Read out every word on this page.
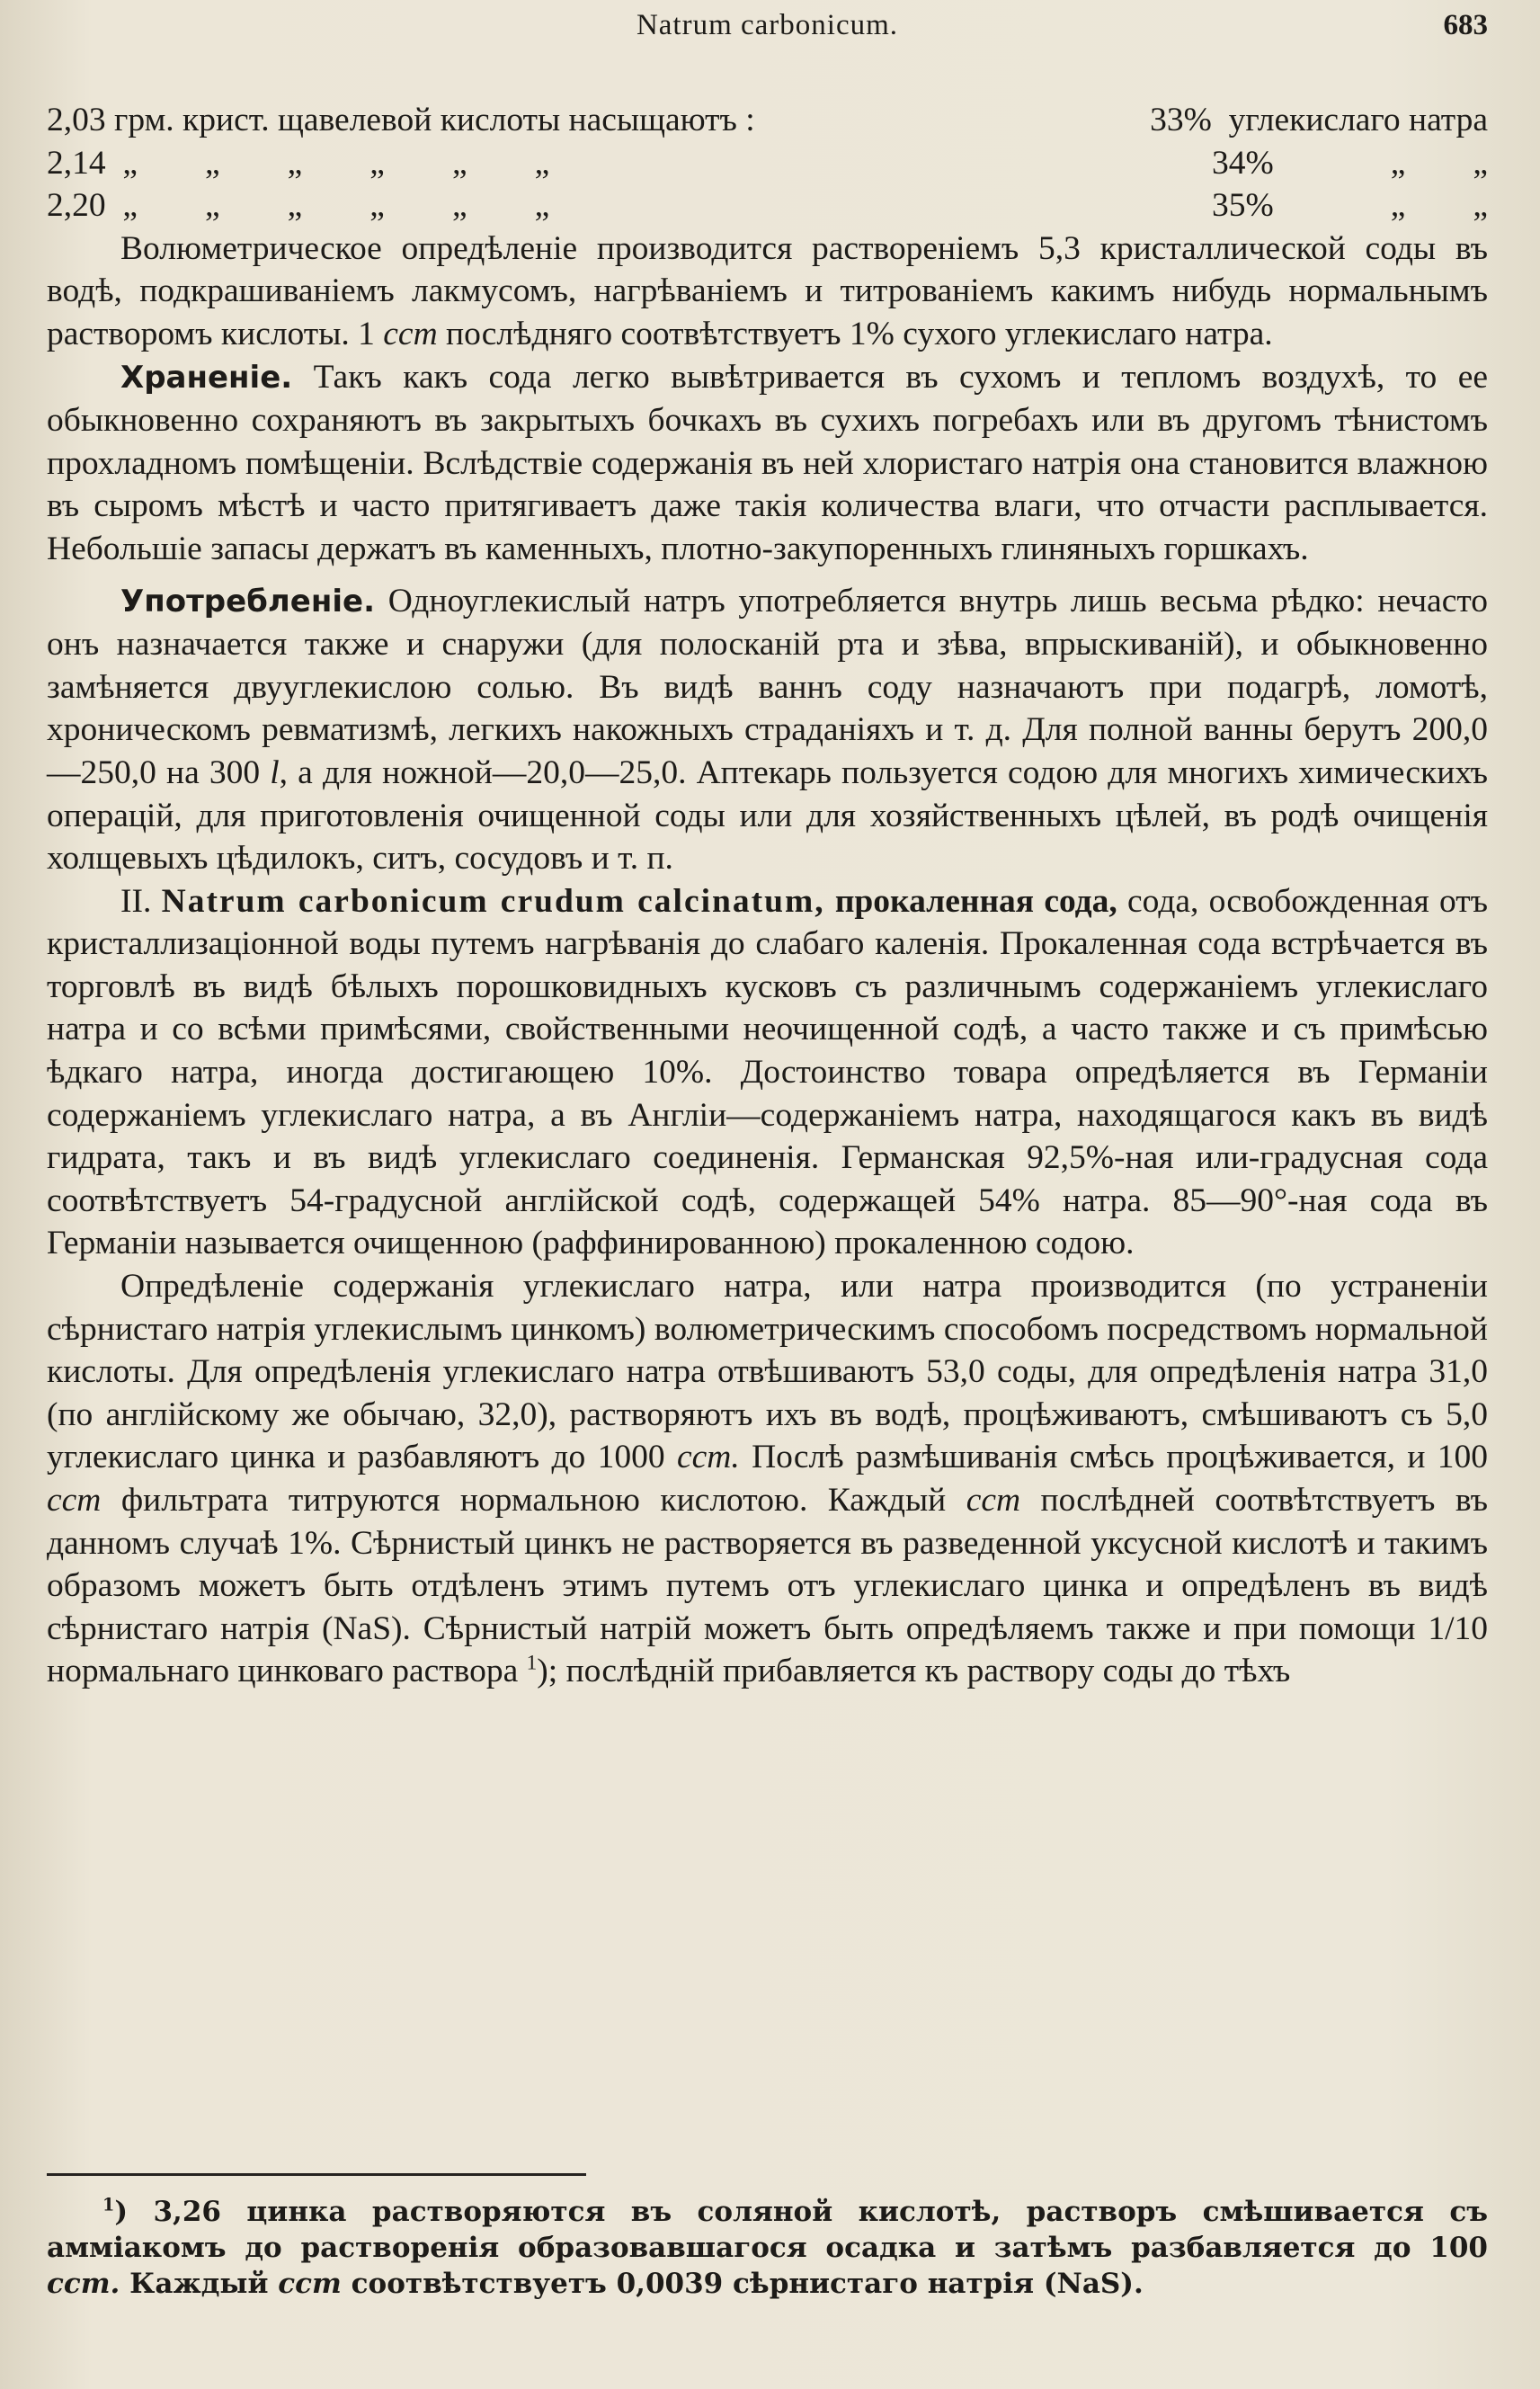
Natrum carbonicum.	683
2,03 грм. крист. щавелевой кислоты насыщаютъ :	33% углекислаго натра
2,14 „        „        „        „        „        „	34%	„        „
2,20 „        „        „        „        „        „	35%	„        „

Волюметрическое опредѣленіе производится раствореніемъ 5,3 кристаллической соды въ водѣ, подкрашиваніемъ лакмусомъ, нагрѣваніемъ и титрованіемъ какимъ нибудь нормальнымъ растворомъ кислоты. 1 ccm послѣдняго соотвѣтствуетъ 1% сухого углекислаго натра.

Храненіе. Такъ какъ сода легко вывѣтривается въ сухомъ и тепломъ воздухѣ, то ее обыкновенно сохраняютъ въ закрытыхъ бочкахъ въ сухихъ погребахъ или въ другомъ тѣнистомъ прохладномъ помѣщеніи. Вслѣдствіе содержанія въ ней хлористаго натрія она становится влажною въ сыромъ мѣстѣ и часто притягиваетъ даже такія количества влаги, что отчасти расплывается. Небольшіе запасы держатъ въ каменныхъ, плотно-закупоренныхъ глиняныхъ горшкахъ.

Употребленіе. Одноуглекислый натръ употребляется внутрь лишь весьма рѣдко: нечасто онъ назначается также и снаружи (для полосканій рта и зѣва, впрыскиваній), и обыкновенно замѣняется двууглекислою солью. Въ видѣ ваннъ соду назначаютъ при подагрѣ, ломотѣ, хроническомъ ревматизмѣ, легкихъ накожныхъ страданіяхъ и т. д. Для полной ванны берутъ 200,0—250,0 на 300 l, а для ножной—20,0—25,0. Аптекарь пользуется содою для многихъ химическихъ операцій, для приготовленія очищенной соды или для хозяйственныхъ цѣлей, въ родѣ очищенія холщевыхъ цѣдилокъ, ситъ, сосудовъ и т. п.

II. Natrum carbonicum crudum calcinatum, прокаленная сода, сода, освобожденная отъ кристаллизаціонной воды путемъ нагрѣванія до слабаго каленія. Прокаленная сода встрѣчается въ торговлѣ въ видѣ бѣлыхъ порошковидныхъ кусковъ съ различнымъ содержаніемъ углекислаго натра и со всѣми примѣсями, свойственными неочищенной содѣ, а часто также и съ примѣсью ѣдкаго натра, иногда достигающею 10%. Достоинство товара опредѣляется въ Германіи содержаніемъ углекислаго натра, а въ Англіи—содержаніемъ натра, находящагося какъ въ видѣ гидрата, такъ и въ видѣ углекислаго соединенія. Германская 92,5%-ная или-градусная сода соотвѣтствуетъ 54-градусной англійской содѣ, содержащей 54% натра. 85—90°-ная сода въ Германіи называется очищенною (раффинированною) прокаленною содою.

Опредѣленіе содержанія углекислаго натра, или натра производится (по устраненіи сѣрнистаго натрія углекислымъ цинкомъ) волюметрическимъ способомъ посредствомъ нормальной кислоты. Для опредѣленія углекислаго натра отвѣшиваютъ 53,0 соды, для опредѣленія натра 31,0 (по англійскому же обычаю, 32,0), растворяютъ ихъ въ водѣ, процѣживаютъ, смѣшиваютъ съ 5,0 углекислаго цинка и разбавляютъ до 1000 ccm. Послѣ размѣшиванія смѣсь процѣживается, и 100 ccm фильтрата титруются нормальною кислотою. Каждый ccm послѣдней соотвѣтствуетъ въ данномъ случаѣ 1%. Сѣрнистый цинкъ не растворяется въ разведенной уксусной кислотѣ и такимъ образомъ можетъ быть отдѣленъ этимъ путемъ отъ углекислаго цинка и опредѣленъ въ видѣ сѣрнистаго натрія (NaS). Сѣрнистый натрій можетъ быть опредѣляемъ также и при помощи 1/10 нормальнаго цинковаго раствора $^1$); послѣдній прибавляется къ раствору соды до тѣхъ

$^1$) 3,26 цинка растворяются въ соляной кислотѣ, растворъ смѣшивается съ аммiакомъ до растворенія образовавшагося осадка и затѣмъ разбавляется до 100 ccm. Каждый ccm соотвѣтствуетъ 0,0039 сѣрнистаго натрія (NaS).
